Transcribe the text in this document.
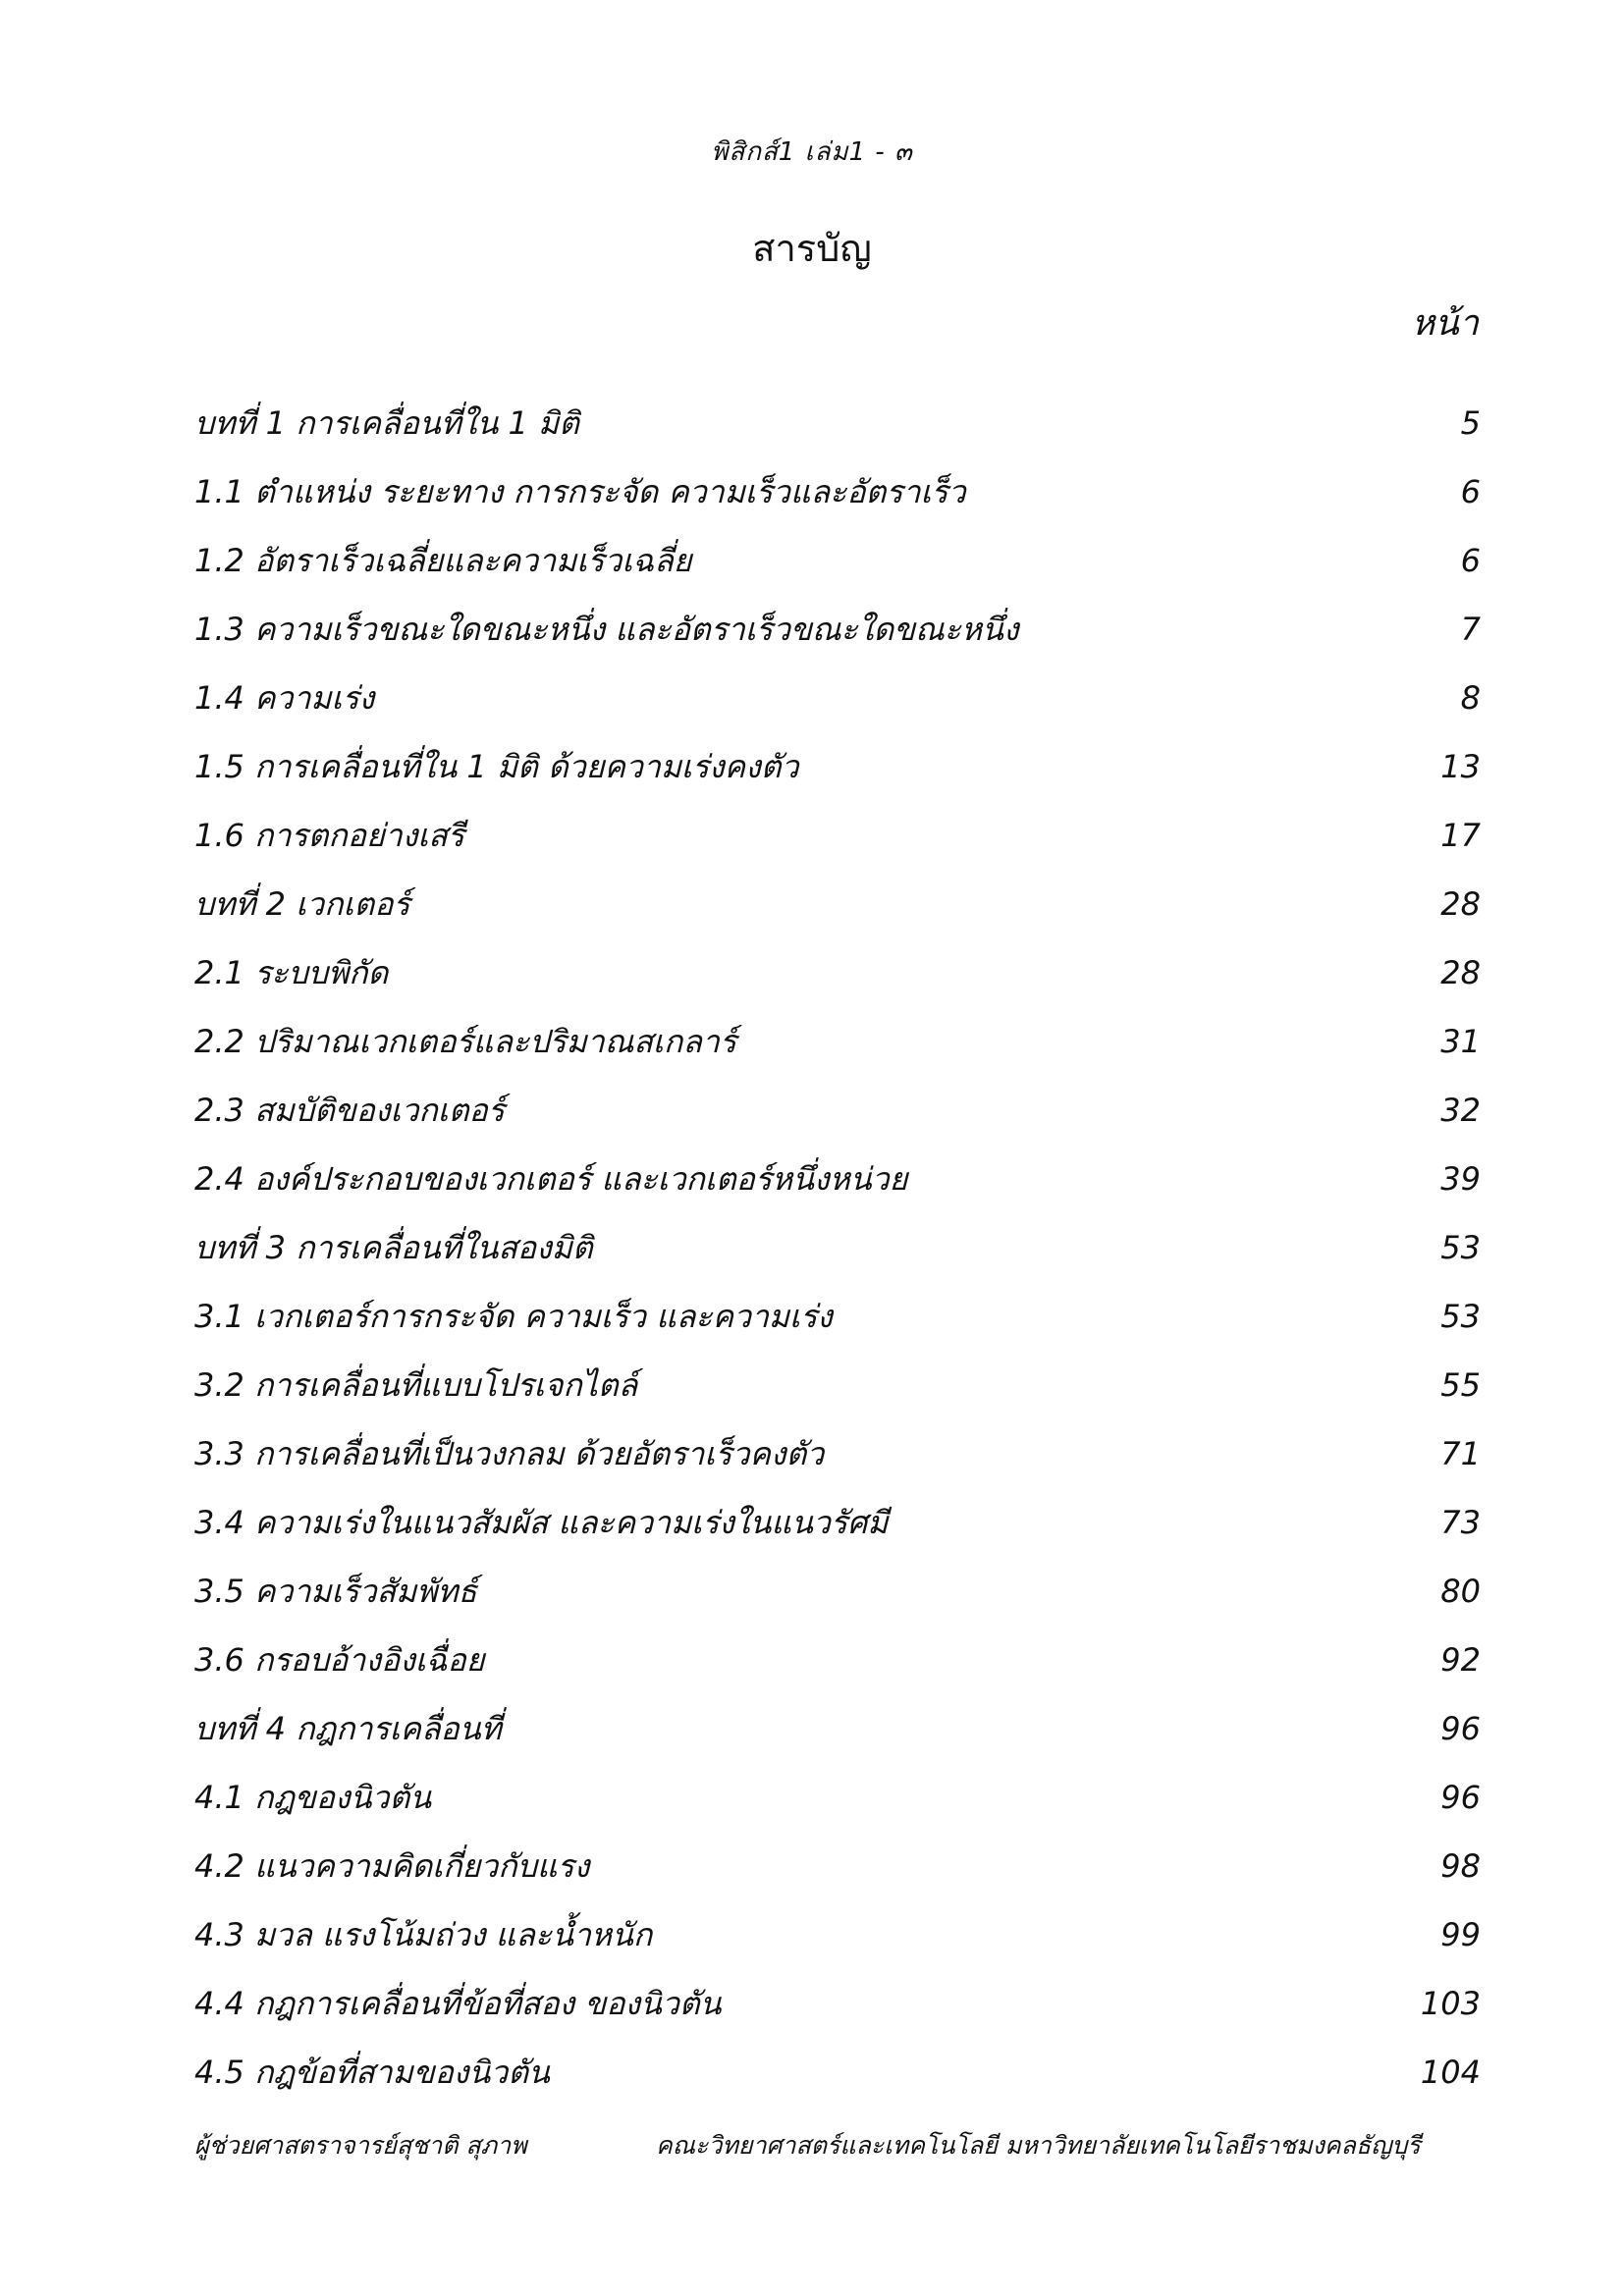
พิสิกส์1 เล่ม1 - ๓
สารบัญ
หน้า
บทที่ 1 การเคลื่อนที่ใน 1 มิติ	5
1.1 ตำแหน่ง ระยะทาง การกระจัด ความเร็วและอัตราเร็ว	6
1.2 อัตราเร็วเฉลี่ยและความเร็วเฉลี่ย	6
1.3 ความเร็วขณะใดขณะหนึ่ง และอัตราเร็วขณะใดขณะหนึ่ง	7
1.4 ความเร่ง	8
1.5 การเคลื่อนที่ใน 1 มิติ ด้วยความเร่งคงตัว	13
1.6 การตกอย่างเสรี	17
บทที่ 2 เวกเตอร์	28
2.1 ระบบพิกัด	28
2.2 ปริมาณเวกเตอร์และปริมาณสเกลาร์	31
2.3 สมบัติของเวกเตอร์	32
2.4 องค์ประกอบของเวกเตอร์ และเวกเตอร์หนึ่งหน่วย	39
บทที่ 3 การเคลื่อนที่ในสองมิติ	53
3.1 เวกเตอร์การกระจัด ความเร็ว และความเร่ง	53
3.2 การเคลื่อนที่แบบโปรเจกไตล์	55
3.3 การเคลื่อนที่เป็นวงกลม ด้วยอัตราเร็วคงตัว	71
3.4 ความเร่งในแนวสัมผัส และความเร่งในแนวรัศมี	73
3.5 ความเร็วสัมพัทธ์	80
3.6 กรอบอ้างอิงเฉื่อย	92
บทที่ 4 กฎการเคลื่อนที่	96
4.1 กฎของนิวตัน	96
4.2 แนวความคิดเกี่ยวกับแรง	98
4.3 มวล แรงโน้มถ่วง และน้ำหนัก	99
4.4 กฎการเคลื่อนที่ข้อที่สอง ของนิวตัน	103
4.5 กฎข้อที่สามของนิวตัน	104
ผู้ช่วยศาสตราจารย์สุชาติ สุภาพ	คณะวิทยาศาสตร์และเทคโนโลยี มหาวิทยาลัยเทคโนโลยีราชมงคลธัญบุรี
